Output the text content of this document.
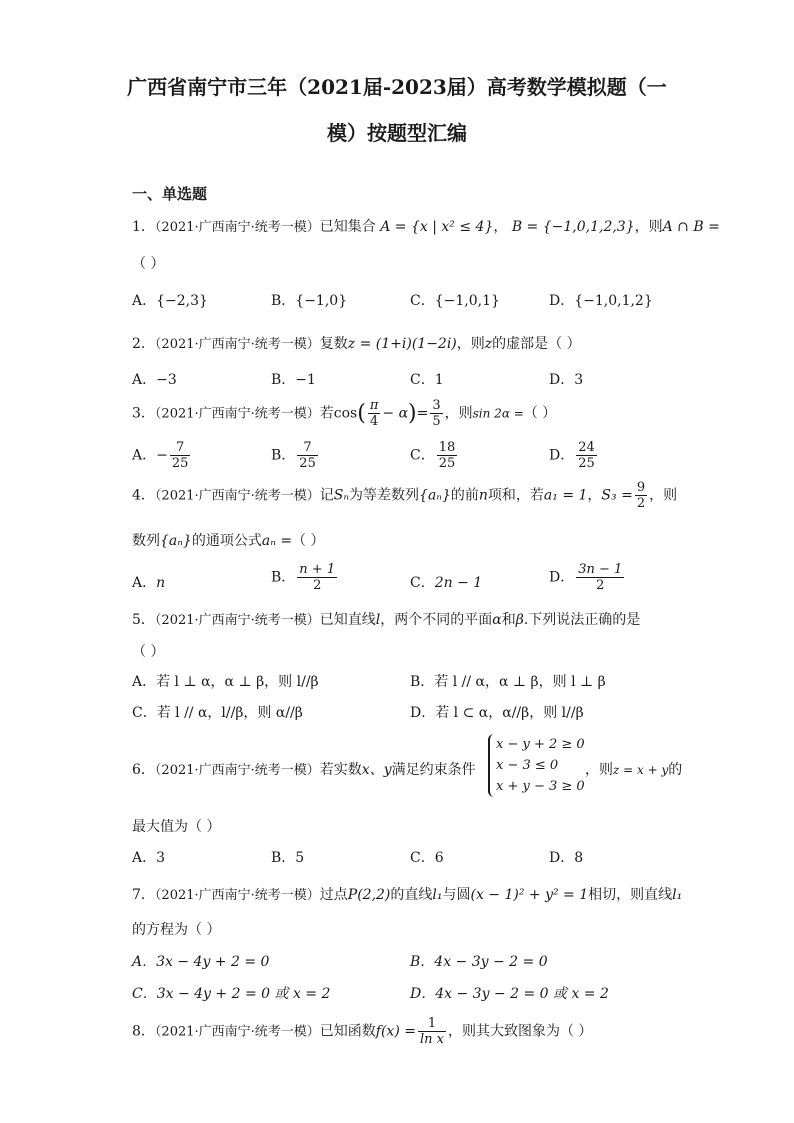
广西省南宁市三年（2021届-2023届）高考数学模拟题（一
模）按题型汇编
一、单选题
1．（2021·广西南宁·统考一模）已知集合 A = {x | x² ≤ 4}， B = {−1,0,1,2,3}，则A ∩ B =
（ ）
A．{−2,3}	B．{−1,0}	C．{−1,0,1}	D．{−1,0,1,2}
2．（2021·广西南宁·统考一模）复数z = (1+i)(1−2i)，则z的虚部是（ ）
A．−3	B．−1	C．1	D．3
3．（2021·广西南宁·统考一模）若$\cos( \frac{\pi}{4} - \alpha)= \frac{3}{5}$ ，则sin 2α =（ ）
A．− $\frac{7}{25}$	B． $\frac{7}{25}$	C． $\frac{18}{25}$	D． $\frac{24}{25}$
4．（2021·广西南宁·统考一模）记Sₙ为等差数列{aₙ}的前n项和，若a₁ = 1，$S_3 = \frac{9}{2}$ ，则
数列{aₙ}的通项公式aₙ =（ ）
A．n	B． $\frac{n + 1}{2}$	C．2n − 1	D． $\frac{3n - 1}{2}$
5．（2021·广西南宁·统考一模）已知直线l，两个不同的平面α和β.下列说法正确的是
（ ）
A．若 l ⊥ α，α ⊥ β，则 l//β	B．若 l // α，α ⊥ β，则 l ⊥ β
C．若 l // α，l//β，则 α//β	D．若 l ⊂ α，α//β，则 l//β
6．（2021·广西南宁·统考一模）若实数x、y满足约束条件
x − y + 2 ≥ 0
x − 3 ≤ 0
x + y − 3 ≥ 0
，则z = x + y的
最大值为（ ）
A．3	B．5	C．6	D．8
7．（2021·广西南宁·统考一模）过点P(2,2)的直线l₁与圆(x − 1)² + y² = 1相切，则直线l₁
的方程为（ ）
A．3x − 4y + 2 = 0	B．4x − 3y − 2 = 0
C．3x − 4y + 2 = 0 或 x = 2	D．4x − 3y − 2 = 0 或 x = 2
8．（2021·广西南宁·统考一模）已知函数$f(x) = \frac{1}{\text{ln x}}$ ，则其大致图象为（ ）
